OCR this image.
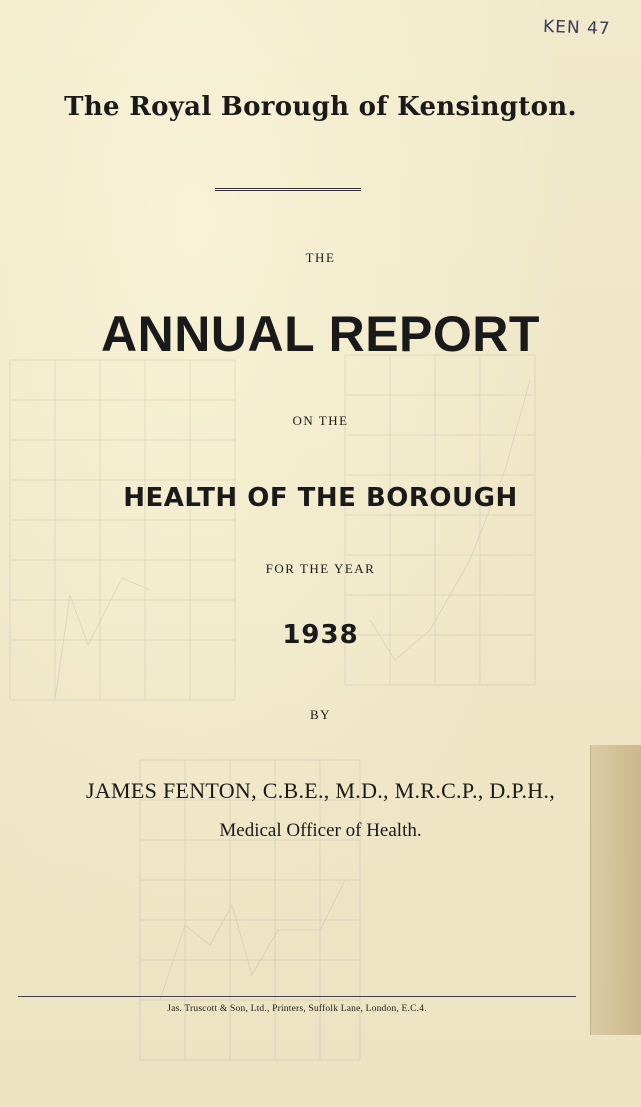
KEN 47
The Royal Borough of Kensington.
THE
ANNUAL REPORT
ON THE
HEALTH OF THE BOROUGH
FOR THE YEAR
1938
BY
JAMES FENTON, C.B.E., M.D., M.R.C.P., D.P.H.,
Medical Officer of Health.
Jas. Truscott & Son, Ltd., Printers, Suffolk Lane, London, E.C.4.
